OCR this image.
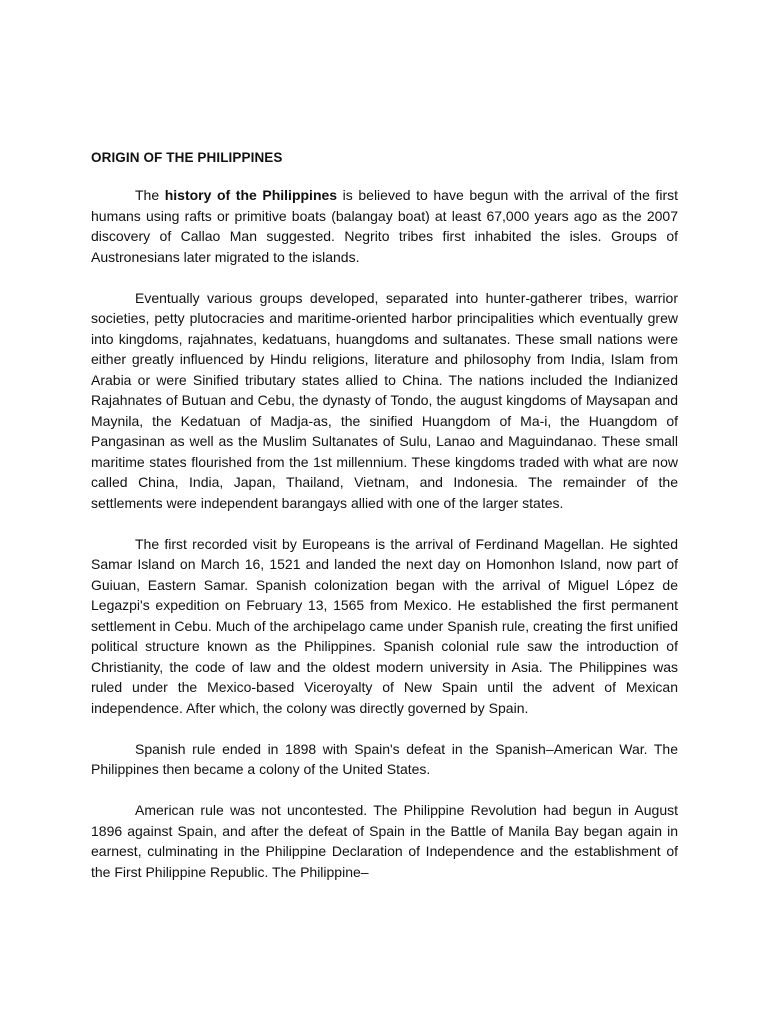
ORIGIN OF THE PHILIPPINES

The history of the Philippines is believed to have begun with the arrival of the first humans using rafts or primitive boats (balangay boat) at least 67,000 years ago as the 2007 discovery of Callao Man suggested. Negrito tribes first inhabited the isles. Groups of Austronesians later migrated to the islands.

Eventually various groups developed, separated into hunter-gatherer tribes, warrior societies, petty plutocracies and maritime-oriented harbor principalities which eventually grew into kingdoms, rajahnates, kedatuans, huangdoms and sultanates. These small nations were either greatly influenced by Hindu religions, literature and philosophy from India, Islam from Arabia or were Sinified tributary states allied to China. The nations included the Indianized Rajahnates of Butuan and Cebu, the dynasty of Tondo, the august kingdoms of Maysapan and Maynila, the Kedatuan of Madja-as, the sinified Huangdom of Ma-i, the Huangdom of Pangasinan as well as the Muslim Sultanates of Sulu, Lanao and Maguindanao. These small maritime states flourished from the 1st millennium. These kingdoms traded with what are now called China, India, Japan, Thailand, Vietnam, and Indonesia. The remainder of the settlements were independent barangays allied with one of the larger states.

The first recorded visit by Europeans is the arrival of Ferdinand Magellan. He sighted Samar Island on March 16, 1521 and landed the next day on Homonhon Island, now part of Guiuan, Eastern Samar. Spanish colonization began with the arrival of Miguel López de Legazpi's expedition on February 13, 1565 from Mexico. He established the first permanent settlement in Cebu. Much of the archipelago came under Spanish rule, creating the first unified political structure known as the Philippines. Spanish colonial rule saw the introduction of Christianity, the code of law and the oldest modern university in Asia. The Philippines was ruled under the Mexico-based Viceroyalty of New Spain until the advent of Mexican independence. After which, the colony was directly governed by Spain.

Spanish rule ended in 1898 with Spain's defeat in the Spanish–American War. The Philippines then became a colony of the United States.

American rule was not uncontested. The Philippine Revolution had begun in August 1896 against Spain, and after the defeat of Spain in the Battle of Manila Bay began again in earnest, culminating in the Philippine Declaration of Independence and the establishment of the First Philippine Republic. The Philippine–
